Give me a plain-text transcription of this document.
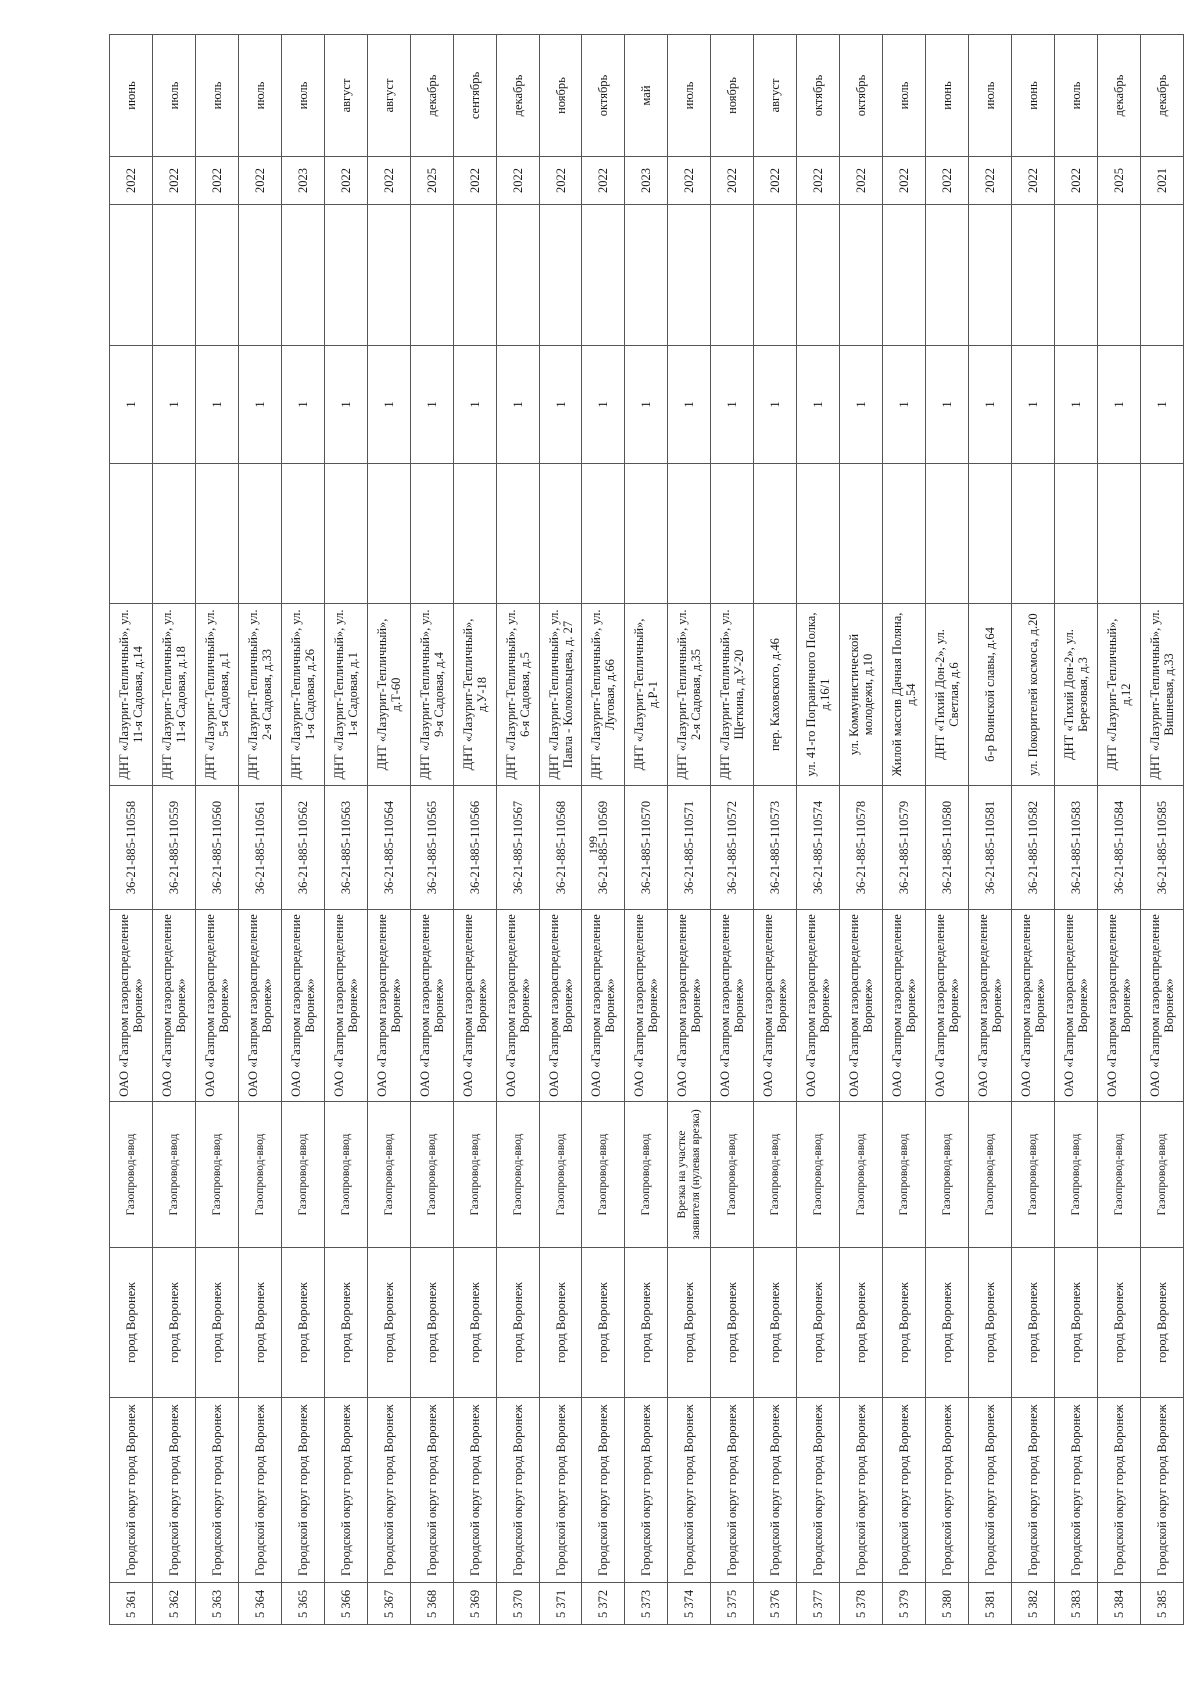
199
5 361	Городской округ город Воронеж	город Воронеж	Газопровод-ввод	ОАО «Газпром газораспределение Воронеж»	36-21-885-110558	ДНТ «Лазурит-Тепличный», ул. 11-я Садовая, д.14		1		2022	июнь
5 362	Городской округ город Воронеж	город Воронеж	Газопровод-ввод	ОАО «Газпром газораспределение Воронеж»	36-21-885-110559	ДНТ «Лазурит-Тепличный», ул. 11-я Садовая, д.18		1		2022	июль
5 363	Городской округ город Воронеж	город Воронеж	Газопровод-ввод	ОАО «Газпром газораспределение Воронеж»	36-21-885-110560	ДНТ «Лазурит-Тепличный», ул. 5-я Садовая, д.1		1		2022	июль
5 364	Городской округ город Воронеж	город Воронеж	Газопровод-ввод	ОАО «Газпром газораспределение Воронеж»	36-21-885-110561	ДНТ «Лазурит-Тепличный», ул. 2-я Садовая, д.33		1		2022	июль
5 365	Городской округ город Воронеж	город Воронеж	Газопровод-ввод	ОАО «Газпром газораспределение Воронеж»	36-21-885-110562	ДНТ «Лазурит-Тепличный», ул. 1-я Садовая, д.26		1		2023	июль
5 366	Городской округ город Воронеж	город Воронеж	Газопровод-ввод	ОАО «Газпром газораспределение Воронеж»	36-21-885-110563	ДНТ «Лазурит-Тепличный», ул. 1-я Садовая, д.1		1		2022	август
5 367	Городской округ город Воронеж	город Воронеж	Газопровод-ввод	ОАО «Газпром газораспределение Воронеж»	36-21-885-110564	ДНТ «Лазурит-Тепличный», д.Т-60		1		2022	август
5 368	Городской округ город Воронеж	город Воронеж	Газопровод-ввод	ОАО «Газпром газораспределение Воронеж»	36-21-885-110565	ДНТ «Лазурит-Тепличный», ул. 9-я Садовая, д.4		1		2025	декабрь
5 369	Городской округ город Воронеж	город Воронеж	Газопровод-ввод	ОАО «Газпром газораспределение Воронеж»	36-21-885-110566	ДНТ «Лазурит-Тепличный», д.У-18		1		2022	сентябрь
5 370	Городской округ город Воронеж	город Воронеж	Газопровод-ввод	ОАО «Газпром газораспределение Воронеж»	36-21-885-110567	ДНТ «Лазурит-Тепличный», ул. 6-я Садовая, д.5		1		2022	декабрь
5 371	Городской округ город Воронеж	город Воронеж	Газопровод-ввод	ОАО «Газпром газораспределение Воронеж»	36-21-885-110568	ДНТ «Лазурит-Тепличный», ул. Павла - Колокольцева, д. 27		1		2022	ноябрь
5 372	Городской округ город Воронеж	город Воронеж	Газопровод-ввод	ОАО «Газпром газораспределение Воронеж»	36-21-885-110569	ДНТ «Лазурит-Тепличный», ул. Луговая, д.66		1		2022	октябрь
5 373	Городской округ город Воронеж	город Воронеж	Газопровод-ввод	ОАО «Газпром газораспределение Воронеж»	36-21-885-110570	ДНТ «Лазурит-Тепличный», д.Р-1		1		2023	май
5 374	Городской округ город Воронеж	город Воронеж	Врезка на участке заявителя (нулевая врезка)	ОАО «Газпром газораспределение Воронеж»	36-21-885-110571	ДНТ «Лазурит-Тепличный», ул. 2-я Садовая, д.35		1		2022	июль
5 375	Городской округ город Воронеж	город Воронеж	Газопровод-ввод	ОАО «Газпром газораспределение Воронеж»	36-21-885-110572	ДНТ «Лазурит-Тепличный», ул. Щеткина, д.У-20		1		2022	ноябрь
5 376	Городской округ город Воронеж	город Воронеж	Газопровод-ввод	ОАО «Газпром газораспределение Воронеж»	36-21-885-110573	пер. Каховского, д.46		1		2022	август
5 377	Городской округ город Воронеж	город Воронеж	Газопровод-ввод	ОАО «Газпром газораспределение Воронеж»	36-21-885-110574	ул. 41-го Пограничного Полка, д.16/1		1		2022	октябрь
5 378	Городской округ город Воронеж	город Воронеж	Газопровод-ввод	ОАО «Газпром газораспределение Воронеж»	36-21-885-110578	ул. Коммунистической молодежи, д.10		1		2022	октябрь
5 379	Городской округ город Воронеж	город Воронеж	Газопровод-ввод	ОАО «Газпром газораспределение Воронеж»	36-21-885-110579	Жилой массив Дачная Поляна, д.54		1		2022	июль
5 380	Городской округ город Воронеж	город Воронеж	Газопровод-ввод	ОАО «Газпром газораспределение Воронеж»	36-21-885-110580	ДНТ «Тихий Дон-2», ул. Светлая, д.6		1		2022	июнь
5 381	Городской округ город Воронеж	город Воронеж	Газопровод-ввод	ОАО «Газпром газораспределение Воронеж»	36-21-885-110581	б-р Воинской славы, д.64		1		2022	июль
5 382	Городской округ город Воронеж	город Воронеж	Газопровод-ввод	ОАО «Газпром газораспределение Воронеж»	36-21-885-110582	ул. Покорителей космоса, д.20		1		2022	июнь
5 383	Городской округ город Воронеж	город Воронеж	Газопровод-ввод	ОАО «Газпром газораспределение Воронеж»	36-21-885-110583	ДНТ «Тихий Дон-2», ул. Березовая, д.3		1		2022	июль
5 384	Городской округ город Воронеж	город Воронеж	Газопровод-ввод	ОАО «Газпром газораспределение Воронеж»	36-21-885-110584	ДНТ «Лазурит-Тепличный», д.12		1		2025	декабрь
5 385	Городской округ город Воронеж	город Воронеж	Газопровод-ввод	ОАО «Газпром газораспределение Воронеж»	36-21-885-110585	ДНТ «Лазурит-Тепличный», ул. Вишневая, д.33		1		2021	декабрь
